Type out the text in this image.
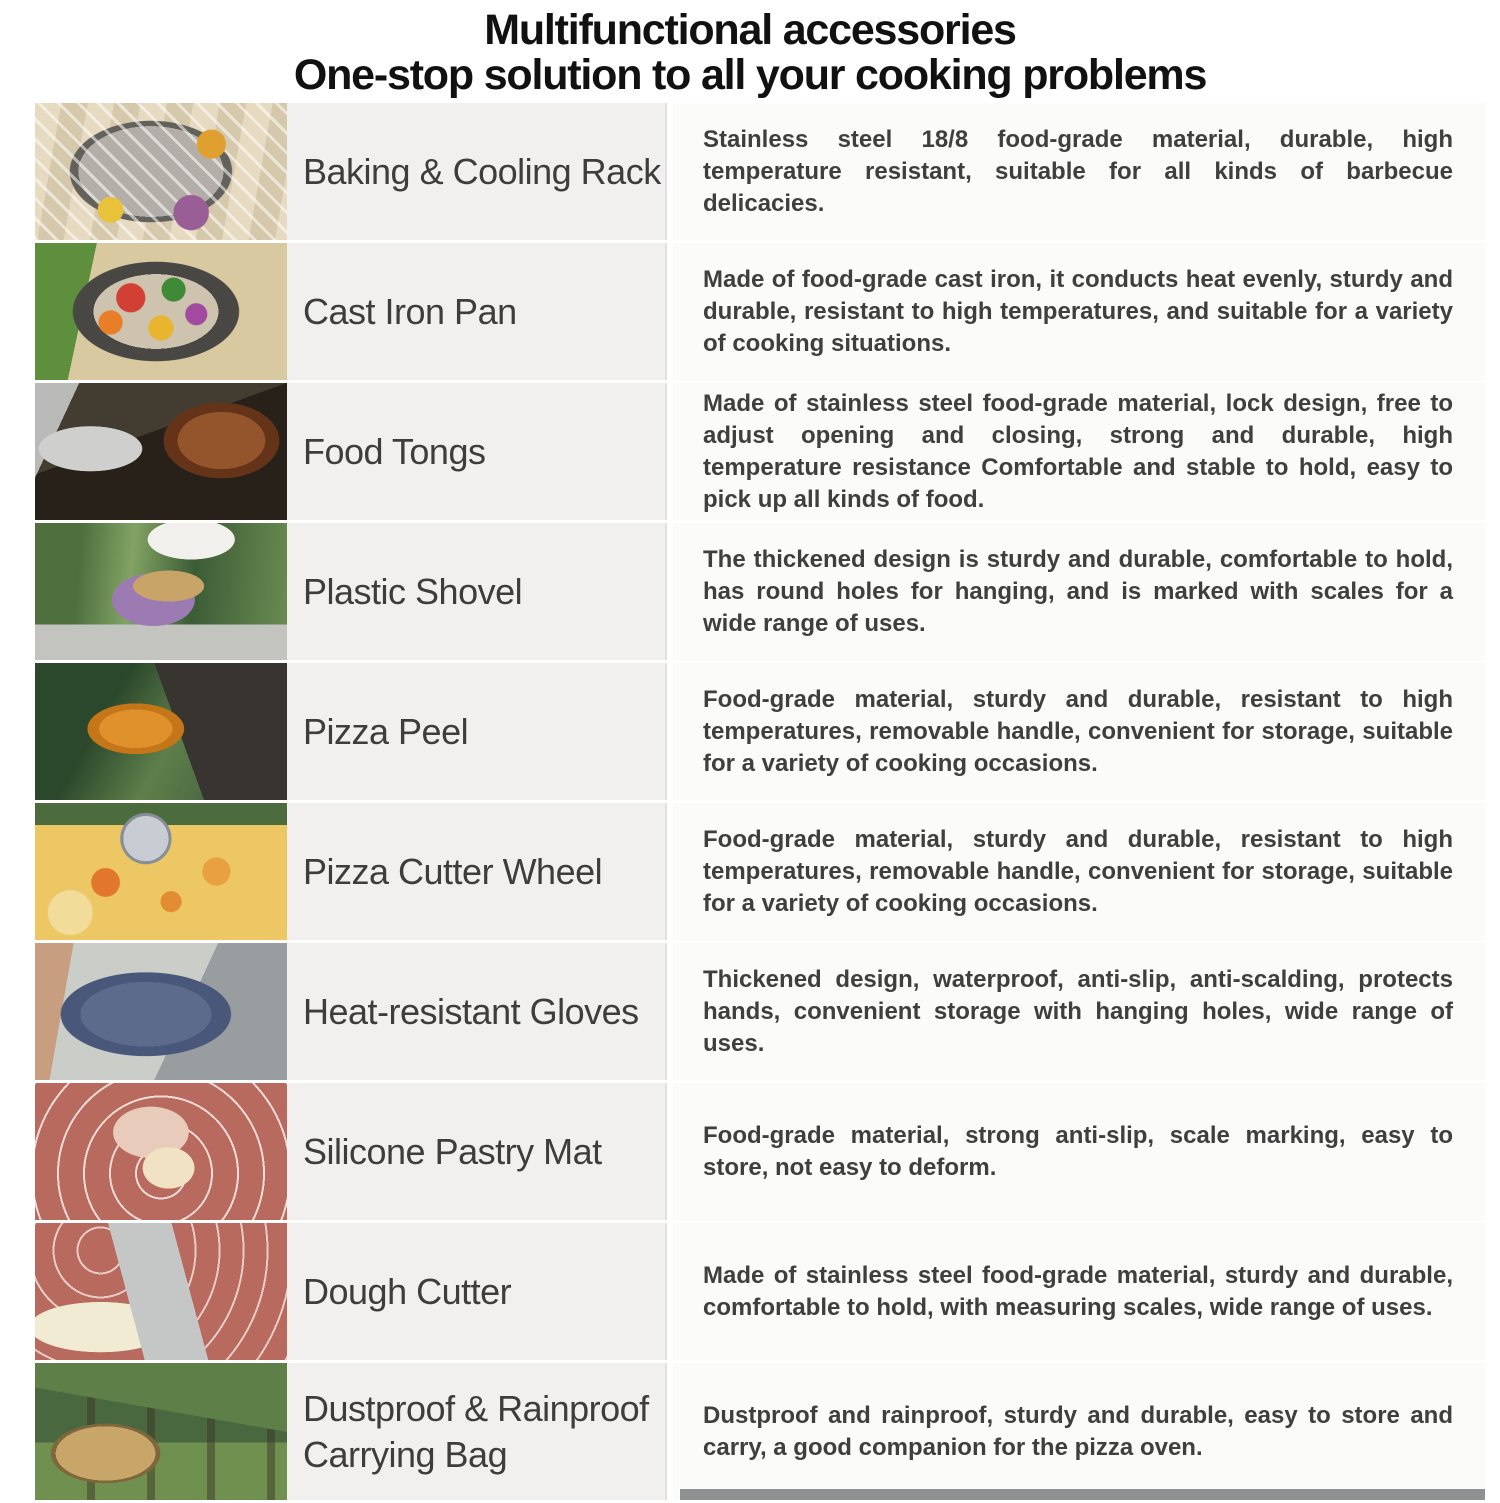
Multifunctional accessories
One-stop solution to all your cooking problems
Baking & Cooling Rack

Stainless steel 18/8 food-grade material, durable, high temperature resistant, suitable for all kinds of barbecue delicacies.

Cast Iron Pan

Made of food-grade cast iron, it conducts heat evenly, sturdy and durable, resistant to high temperatures, and suitable for a variety of cooking situations.

Food Tongs

Made of stainless steel food-grade material, lock design, free to adjust opening and closing, strong and durable, high temperature resistance Comfortable and stable to hold, easy to pick up all kinds of food.

Plastic Shovel

The thickened design is sturdy and durable, comfortable to hold, has round holes for hanging, and is marked with scales for a wide range of uses.

Pizza Peel

Food-grade material, sturdy and durable, resistant to high temperatures, removable handle, convenient for storage, suitable for a variety of cooking occasions.

Pizza Cutter Wheel

Food-grade material, sturdy and durable, resistant to high temperatures, removable handle, convenient for storage, suitable for a variety of cooking occasions.

Heat-resistant Gloves

Thickened design, waterproof, anti-slip, anti-scalding, protects hands, convenient storage with hanging holes, wide range of uses.

Silicone Pastry Mat	Food-grade material, strong anti-slip, scale marking, easy to store, not easy to deform.

Dough Cutter	Made of stainless steel food-grade material, sturdy and durable, comfortable to hold, with measuring scales, wide range of uses.

Dustproof & Rainproof Carrying Bag

Dustproof and rainproof, sturdy and durable, easy to store and carry, a good companion for the pizza oven.
